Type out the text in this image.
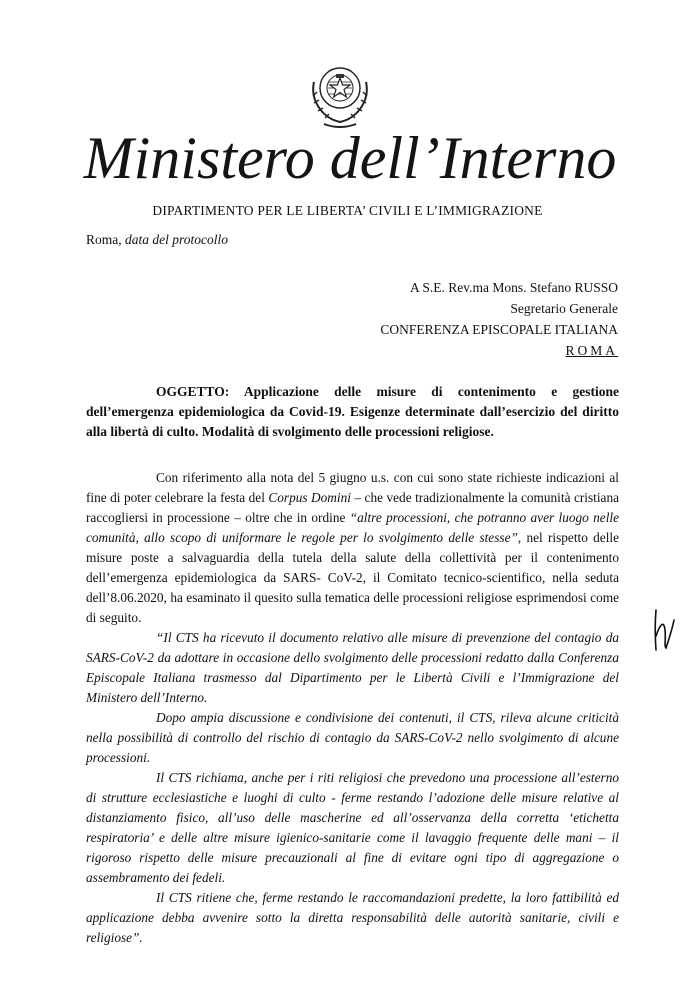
Ministero dell’Interno
DIPARTIMENTO PER LE LIBERTA’ CIVILI E L’IMMIGRAZIONE
Roma, data del protocollo
A S.E. Rev.ma Mons. Stefano RUSSO
Segretario Generale
CONFERENZA EPISCOPALE ITALIANA
ROMA
OGGETTO: Applicazione delle misure di contenimento e gestione dell’emergenza epidemiologica da Covid-19. Esigenze determinate dall’esercizio del diritto alla libertà di culto. Modalità di svolgimento delle processioni religiose.

Con riferimento alla nota del 5 giugno u.s. con cui sono state richieste indicazioni al fine di poter celebrare la festa del Corpus Domini – che vede tradizionalmente la comunità cristiana raccogliersi in processione – oltre che in ordine “altre processioni, che potranno aver luogo nelle comunità, allo scopo di uniformare le regole per lo svolgimento delle stesse”, nel rispetto delle misure poste a salvaguardia della tutela della salute della collettività per il contenimento dell’emergenza epidemiologica da SARS- CoV-2, il Comitato tecnico-scientifico, nella seduta dell’8.06.2020, ha esaminato il quesito sulla tematica delle processioni religiose esprimendosi come di seguito.

“Il CTS ha ricevuto il documento relativo alle misure di prevenzione del contagio da SARS-CoV-2 da adottare in occasione dello svolgimento delle processioni redatto dalla Conferenza Episcopale Italiana trasmesso dal Dipartimento per le Libertà Civili e l’Immigrazione del Ministero dell’Interno.

Dopo ampia discussione e condivisione dei contenuti, il CTS, rileva alcune criticità nella possibilità di controllo del rischio di contagio da SARS-CoV-2 nello svolgimento di alcune processioni.

Il CTS richiama, anche per i riti religiosi che prevedono una processione all’esterno di strutture ecclesiastiche e luoghi di culto - ferme restando l’adozione delle misure relative al distanziamento fisico, all’uso delle mascherine ed all’osservanza della corretta ‘etichetta respiratoria’ e delle altre misure igienico-sanitarie come il lavaggio frequente delle mani – il rigoroso rispetto delle misure precauzionali al fine di evitare ogni tipo di aggregazione o assembramento dei fedeli.

Il CTS ritiene che, ferme restando le raccomandazioni predette, la loro fattibilità ed applicazione debba avvenire sotto la diretta responsabilità delle autorità sanitarie, civili e religiose”.
